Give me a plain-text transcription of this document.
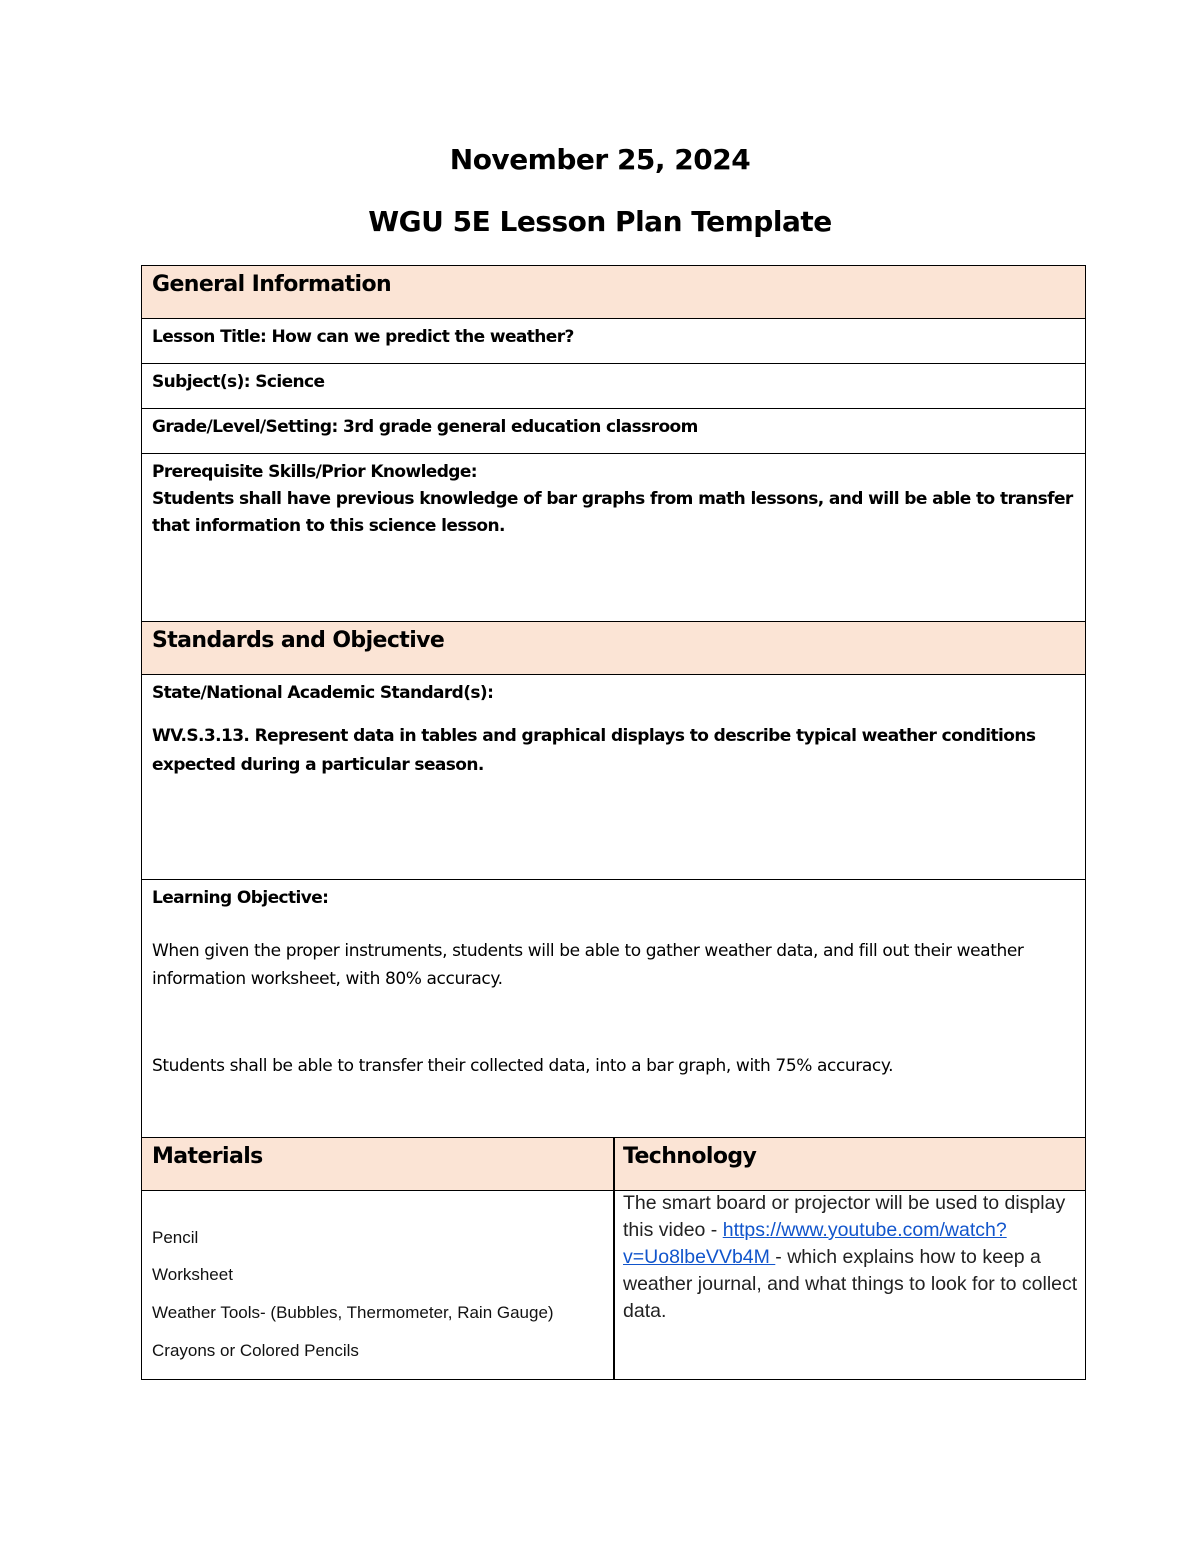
November 25, 2024
WGU 5E Lesson Plan Template
General Information
Lesson Title: How can we predict the weather?
Subject(s): Science
Grade/Level/Setting: 3rd grade general education classroom
Prerequisite Skills/Prior Knowledge:
Students shall have previous knowledge of bar graphs from math lessons, and will be able to transfer that information to this science lesson.
Standards and Objective
State/National Academic Standard(s):
WV.S.3.13. Represent data in tables and graphical displays to describe typical weather conditions expected during a particular season.
Learning Objective:
When given the proper instruments, students will be able to gather weather data, and fill out their weather information worksheet, with 80% accuracy.
Students shall be able to transfer their collected data, into a bar graph, with 75% accuracy.
Materials	Technology
Pencil
Worksheet
Weather Tools- (Bubbles, Thermometer, Rain Gauge)
Crayons or Colored Pencils
The smart board or projector will be used to display this video - https://www.youtube.com/watch?v=Uo8lbeVVb4M - which explains how to keep a weather journal, and what things to look for to collect data.
